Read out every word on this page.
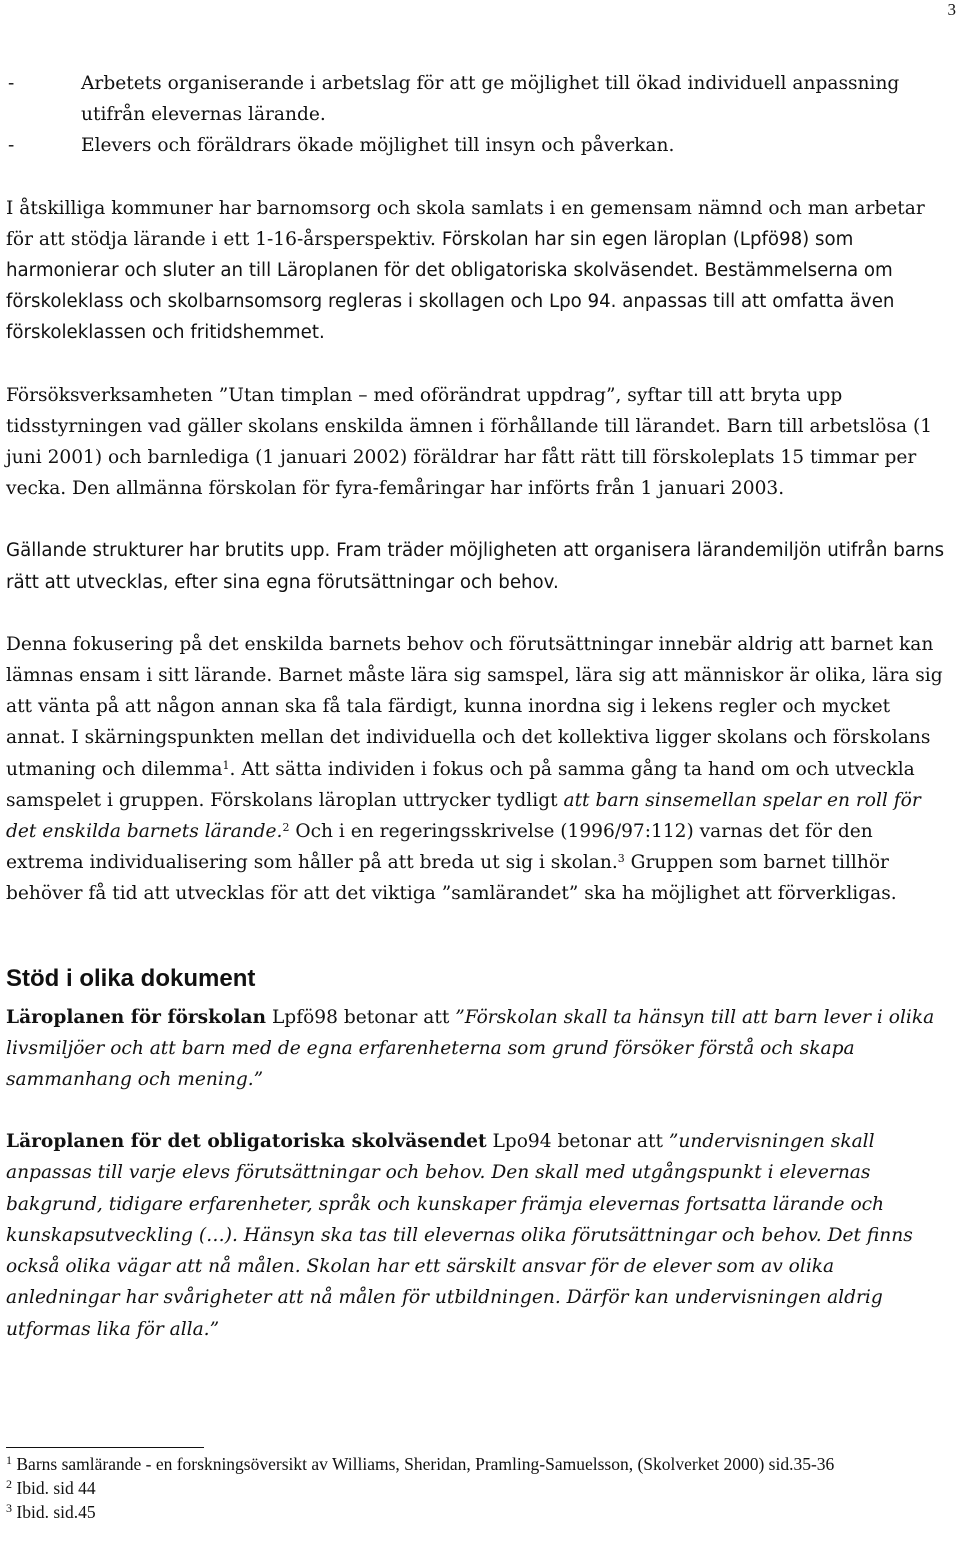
3
-	Arbetets organiserande i arbetslag för att ge möjlighet till ökad individuell anpassning utifrån elevernas lärande.
-	Elevers och föräldrars ökade möjlighet till insyn och påverkan.

I åtskilliga kommuner har barnomsorg och skola samlats i en gemensam nämnd och man arbetar för att stödja lärande i ett 1-16-årsperspektiv. Förskolan har sin egen läroplan (Lpfö98) som harmonierar och sluter an till Läroplanen för det obligatoriska skolväsendet. Bestämmelserna om förskoleklass och skolbarnsomsorg regleras i skollagen och Lpo 94. anpassas till att omfatta även förskoleklassen och fritidshemmet.

Försöksverksamheten ”Utan timplan – med oförändrat uppdrag”, syftar till att bryta upp tidsstyrningen vad gäller skolans enskilda ämnen i förhållande till lärandet. Barn till arbetslösa (1 juni 2001) och barnlediga (1 januari 2002) föräldrar har fått rätt till förskoleplats 15 timmar per vecka. Den allmänna förskolan för fyra-femåringar har införts från 1 januari 2003.

Gällande strukturer har brutits upp. Fram träder möjligheten att organisera lärandemiljön utifrån barns rätt att utvecklas, efter sina egna förutsättningar och behov.

Denna fokusering på det enskilda barnets behov och förutsättningar innebär aldrig att barnet kan lämnas ensam i sitt lärande. Barnet måste lära sig samspel, lära sig att människor är olika, lära sig att vänta på att någon annan ska få tala färdigt, kunna inordna sig i lekens regler och mycket annat. I skärningspunkten mellan det individuella och det kollektiva ligger skolans och förskolans utmaning och dilemma$^1$. Att sätta individen i fokus och på samma gång ta hand om och utveckla samspelet i gruppen. Förskolans läroplan uttrycker tydligt att barn sinsemellan spelar en roll för det enskilda barnets lärande.$^2$ Och i en regeringsskrivelse (1996/97:112) varnas det för den extrema individualisering som håller på att breda ut sig i skolan.$^3$ Gruppen som barnet tillhör behöver få tid att utvecklas för att det viktiga ”samlärandet” ska ha möjlighet att förverkligas.

Stöd i olika dokument

Läroplanen för förskolan Lpfö98 betonar att ”Förskolan skall ta hänsyn till att barn lever i olika livsmiljöer och att barn med de egna erfarenheterna som grund försöker förstå och skapa sammanhang och mening.”

Läroplanen för det obligatoriska skolväsendet Lpo94 betonar att ”undervisningen skall anpassas till varje elevs förutsättningar och behov. Den skall med utgångspunkt i elevernas bakgrund, tidigare erfarenheter, språk och kunskaper främja elevernas fortsatta lärande och kunskapsutveckling (…). Hänsyn ska tas till elevernas olika förutsättningar och behov. Det finns också olika vägar att nå målen. Skolan har ett särskilt ansvar för de elever som av olika anledningar har svårigheter att nå målen för utbildningen. Därför kan undervisningen aldrig utformas lika för alla.”

$^1$ Barns samlärande - en forskningsöversikt av Williams, Sheridan, Pramling-Samuelsson, (Skolverket 2000) sid.35-36
$^2$ Ibid. sid 44
$^3$ Ibid. sid.45
